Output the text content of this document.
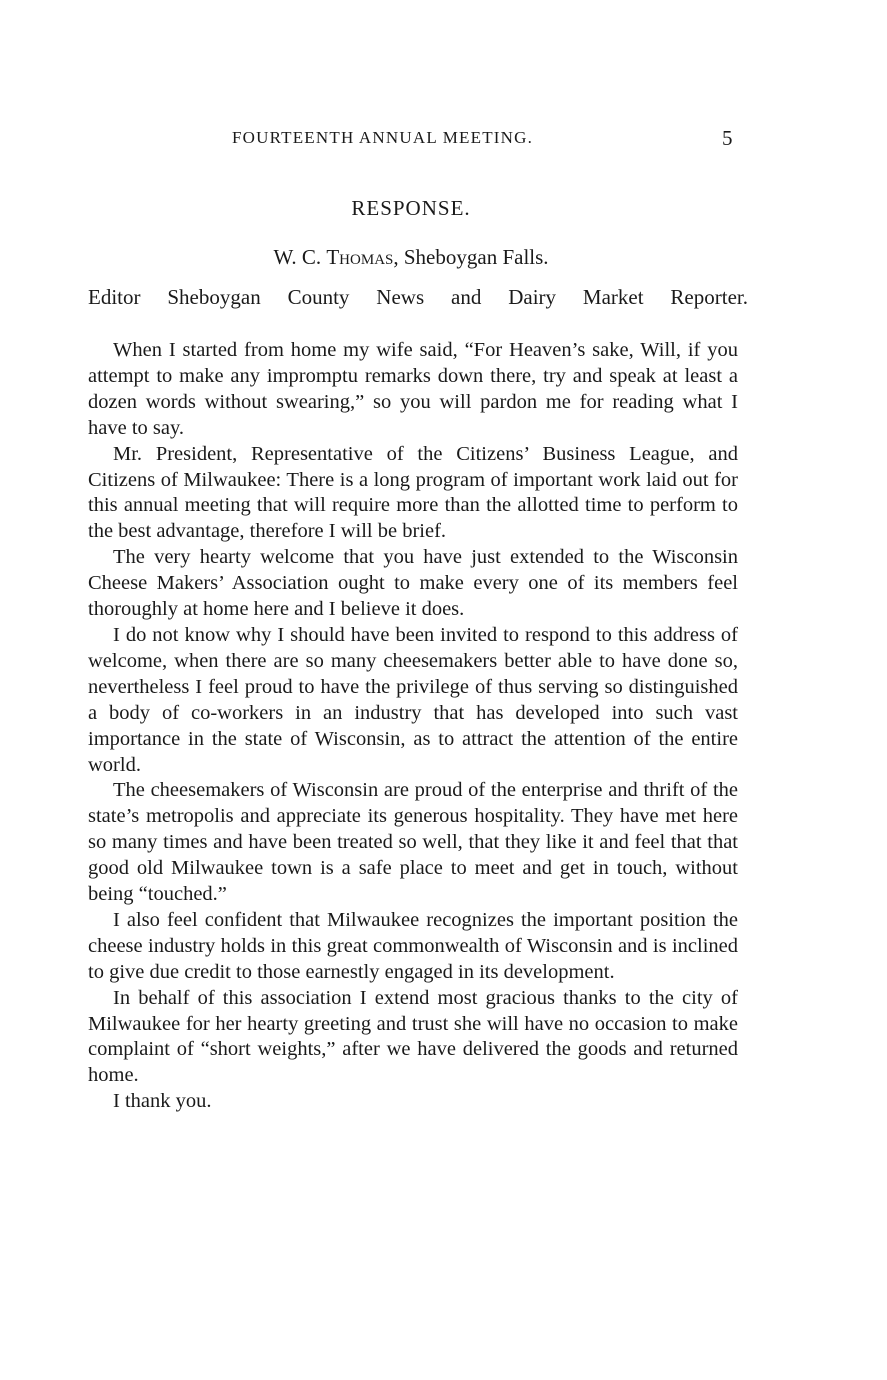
FOURTEENTH ANNUAL MEETING.	5
RESPONSE.
W. C. Thomas, Sheboygan Falls.
Editor Sheboygan County News and Dairy Market Reporter.

When I started from home my wife said, “For Heaven’s sake, Will, if you attempt to make any impromptu remarks down there, try and speak at least a dozen words without swearing,” so you will pardon me for reading what I have to say.

Mr. President, Representative of the Citizens’ Business League, and Citizens of Milwaukee: There is a long program of important work laid out for this annual meeting that will require more than the allotted time to perform to the best advantage, therefore I will be brief.

The very hearty welcome that you have just extended to the Wisconsin Cheese Makers’ Association ought to make every one of its members feel thoroughly at home here and I believe it does.

I do not know why I should have been invited to respond to this address of welcome, when there are so many cheesemakers better able to have done so, nevertheless I feel proud to have the privilege of thus serving so distinguished a body of co-workers in an industry that has developed into such vast importance in the state of Wisconsin, as to attract the attention of the entire world.

The cheesemakers of Wisconsin are proud of the enterprise and thrift of the state’s metropolis and appreciate its generous hospitality. They have met here so many times and have been treated so well, that they like it and feel that that good old Milwaukee town is a safe place to meet and get in touch, without being “touched.”

I also feel confident that Milwaukee recognizes the important position the cheese industry holds in this great commonwealth of Wisconsin and is inclined to give due credit to those earnestly engaged in its development.

In behalf of this association I extend most gracious thanks to the city of Milwaukee for her hearty greeting and trust she will have no occasion to make complaint of “short weights,” after we have delivered the goods and returned home.

I thank you.
